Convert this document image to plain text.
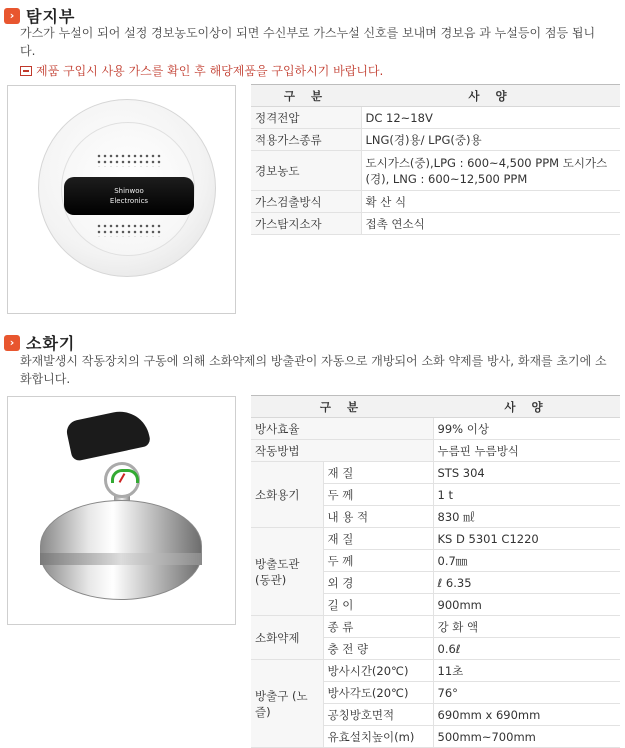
› 탐지부
가스가 누설이 되어 설정 경보농도이상이 되면 수신부로 가스누설 신호를 보내며 경보음 과 누설등이 점등 됩니다.
제품 구입시 사용 가스를 확인 후 해당제품을 구입하시기 바랍니다.
Shinwoo
Electronics
구 분	사 양
정격전압	DC 12~18V
적용가스종류	LNG(경)용/ LPG(중)용
경보농도	도시가스(중),LPG : 600~4,500 PPM 도시가스(경), LNG : 600~12,500 PPM
가스검출방식	확 산 식
가스탐지소자	접촉 연소식
› 소화기
화재발생시 작동장치의 구동에 의해 소화약제의 방출관이 자동으로 개방되어 소화 약제를 방사, 화재를 초기에 소화합니다.
구 분		사 양
방사효율		99% 이상
작동방법		누름핀 누름방식
소화용기	재 질	STS 304
	두 께	1 t
	내 용 적	830 ㎖
방출도관 (동관)	재 질	KS D 5301 C1220
	두 께	0.7㎜
	외 경	ℓ 6.35
	길 이	900mm
소화약제	종 류	강 화 액
	충 전 량	0.6ℓ
방출구 (노즐)	방사시간(20℃)	11초
	방사각도(20℃)	76°
	공칭방호면적	690mm x 690mm
	유효설치높이(m)	500mm~700mm
